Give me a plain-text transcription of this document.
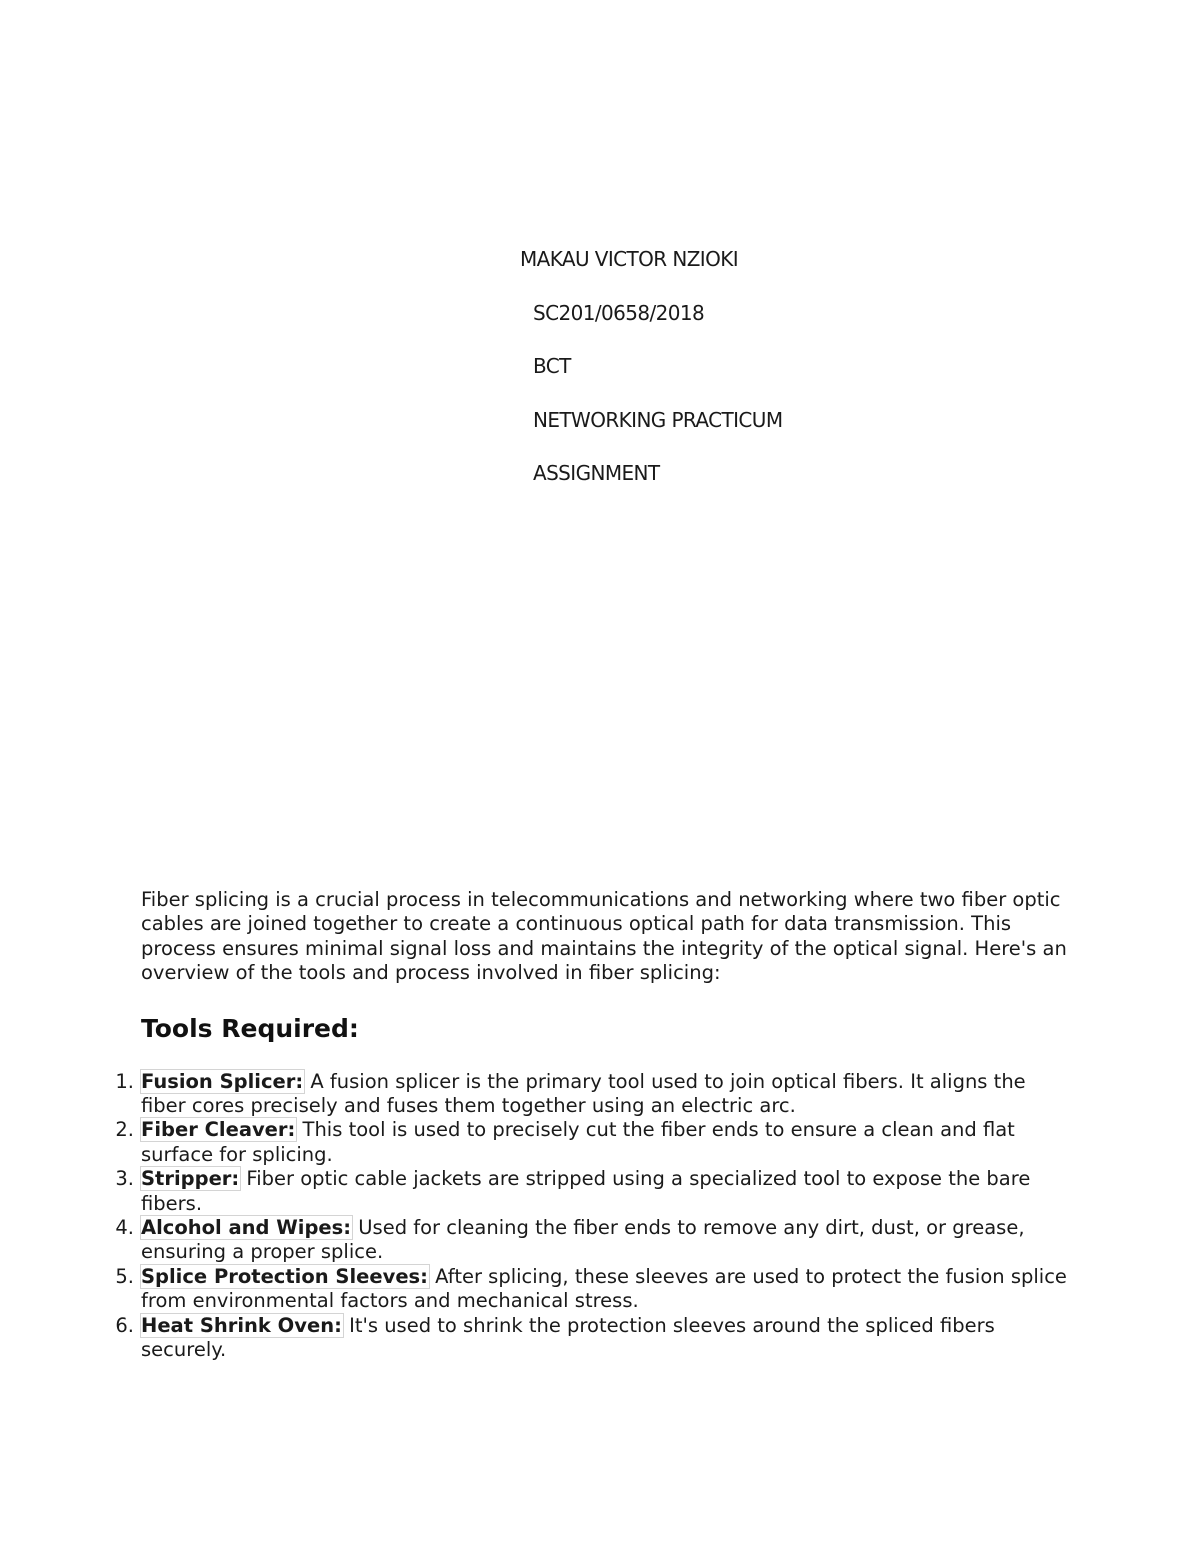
MAKAU VICTOR NZIOKI
SC201/0658/2018
BCT
NETWORKING PRACTICUM
ASSIGNMENT

Fiber splicing is a crucial process in telecommunications and networking where two fiber optic cables are joined together to create a continuous optical path for data transmission. This process ensures minimal signal loss and maintains the integrity of the optical signal. Here's an overview of the tools and process involved in fiber splicing:

Tools Required:
1. Fusion Splicer: A fusion splicer is the primary tool used to join optical fibers. It aligns the fiber cores precisely and fuses them together using an electric arc.
2. Fiber Cleaver: This tool is used to precisely cut the fiber ends to ensure a clean and flat surface for splicing.
3. Stripper: Fiber optic cable jackets are stripped using a specialized tool to expose the bare fibers.
4. Alcohol and Wipes: Used for cleaning the fiber ends to remove any dirt, dust, or grease, ensuring a proper splice.
5. Splice Protection Sleeves: After splicing, these sleeves are used to protect the fusion splice from environmental factors and mechanical stress.
6. Heat Shrink Oven: It's used to shrink the protection sleeves around the spliced fibers securely.
